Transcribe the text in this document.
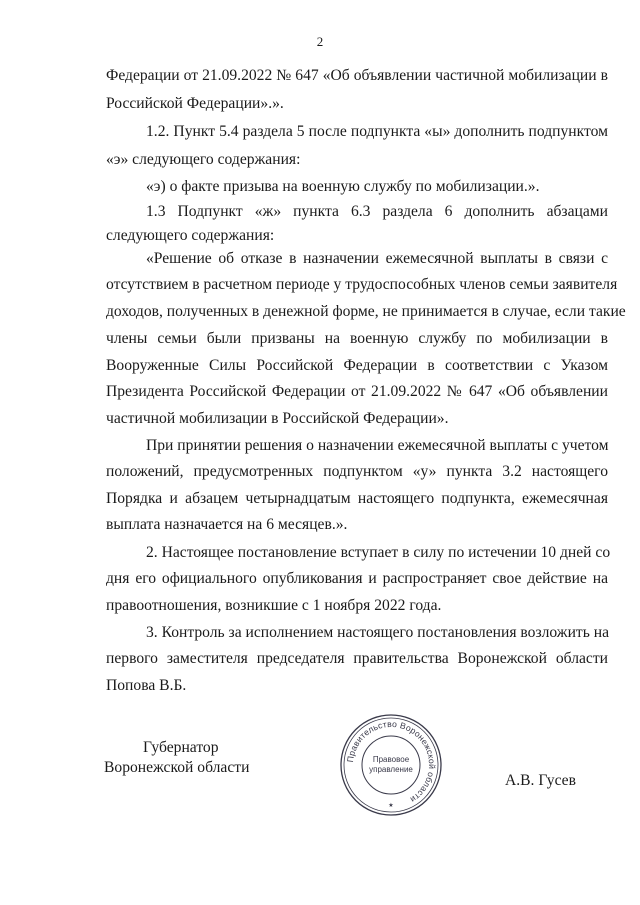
2
Федерации от 21.09.2022 № 647 «Об объявлении частичной мобилизации в
Российской Федерации».».
1.2. Пункт 5.4 раздела 5 после подпункта «ы» дополнить подпунктом
«э» следующего содержания:
«э) о факте призыва на военную службу по мобилизации.».
1.3 Подпункт «ж» пункта 6.3 раздела 6 дополнить абзацами
следующего содержания:
«Решение об отказе в назначении ежемесячной выплаты в связи с
отсутствием в расчетном периоде у трудоспособных членов семьи заявителя
доходов, полученных в денежной форме, не принимается в случае, если такие
члены семьи были призваны на военную службу по мобилизации в
Вооруженные Силы Российской Федерации в соответствии с Указом
Президента Российской Федерации от 21.09.2022 № 647 «Об объявлении
частичной мобилизации в Российской Федерации».
При принятии решения о назначении ежемесячной выплаты с учетом
положений, предусмотренных подпунктом «у» пункта 3.2 настоящего
Порядка и абзацем четырнадцатым настоящего подпункта, ежемесячная
выплата назначается на 6 месяцев.».
2. Настоящее постановление вступает в силу по истечении 10 дней со
дня его официального опубликования и распространяет свое действие на
правоотношения, возникшие с 1 ноября 2022 года.
3. Контроль за исполнением настоящего постановления возложить на
первого заместителя председателя правительства Воронежской области
Попова В.Б.
Губернатор
Воронежской области
А.В. Гусев
Правительство Воронежской области
Правовое
управление
★
